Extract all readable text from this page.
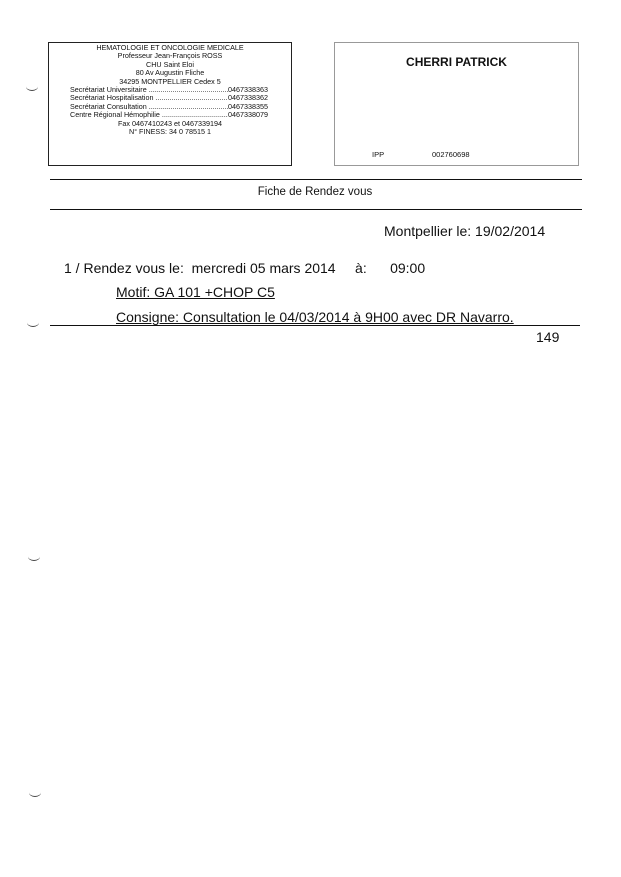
HEMATOLOGIE ET ONCOLOGIE MEDICALE
Professeur Jean-François ROSS
CHU Saint Eloi
80 Av Augustin Fliche
34295 MONTPELLIER Cedex 5
Secrétariat Universitaire .....	0467338363
Secrétariat Hospitalisation .....	0467338362
Secrétariat Consultation .....	0467338355
Centre Régional Hémophilie .....	0467338079
Fax 0467410243 et 0467339194
N° FINESS: 34 0 78515 1
CHERRI PATRICK
IPP	002760698
Fiche de Rendez vous
Montpellier le: 19/02/2014
1 / Rendez vous le: mercredi 05 mars 2014 à: 09:00
Motif: GA 101 +CHOP C5
Consigne: Consultation le 04/03/2014 à 9H00 avec DR Navarro.
149
